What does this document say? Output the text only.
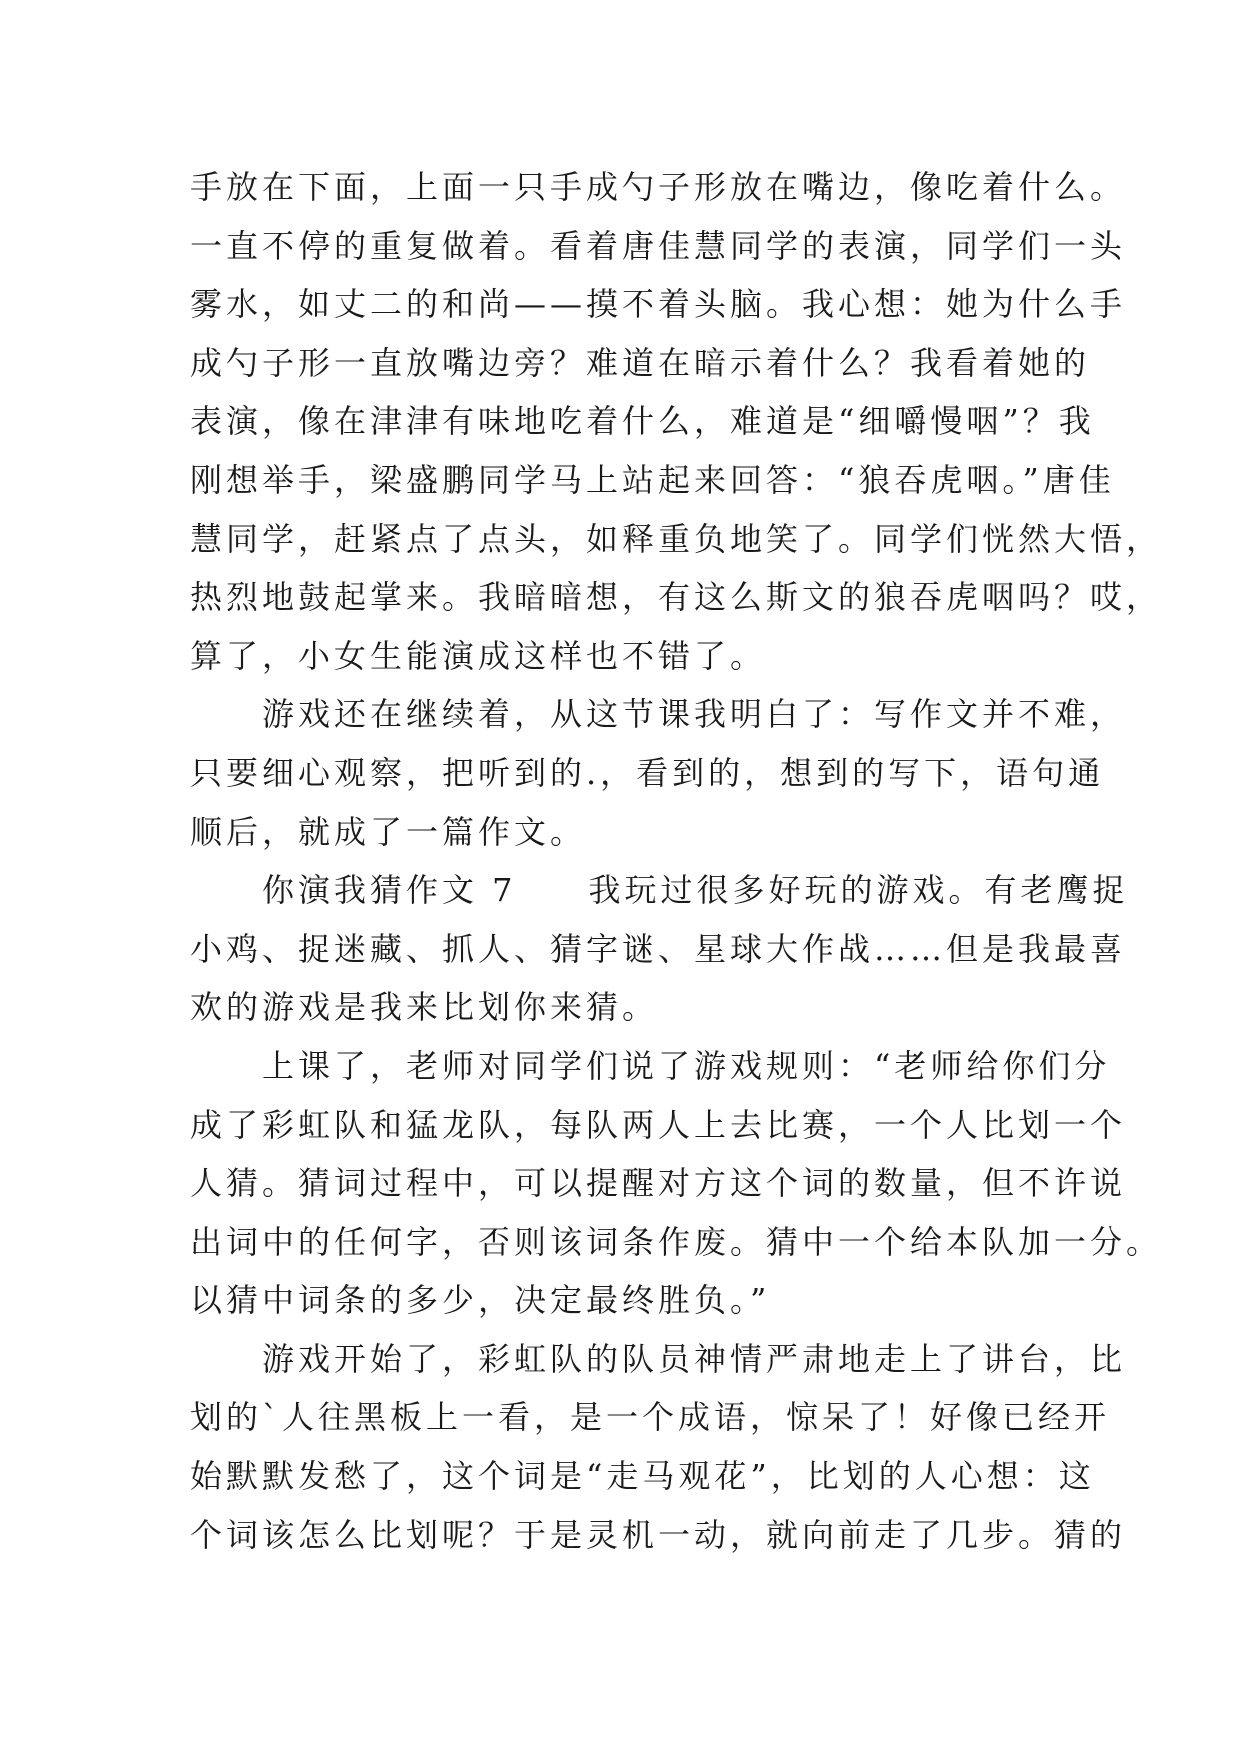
手放在下面，上面一只手成勺子形放在嘴边，像吃着什么。
一直不停的重复做着。看着唐佳慧同学的表演，同学们一头
雾水，如丈二的和尚——摸不着头脑。我心想：她为什么手
成勺子形一直放嘴边旁？难道在暗示着什么？我看着她的
表演，像在津津有味地吃着什么，难道是“细嚼慢咽”？我
刚想举手，梁盛鹏同学马上站起来回答：“狼吞虎咽。”唐佳
慧同学，赶紧点了点头，如释重负地笑了。同学们恍然大悟，
热烈地鼓起掌来。我暗暗想，有这么斯文的狼吞虎咽吗？哎，
算了，小女生能演成这样也不错了。
游戏还在继续着，从这节课我明白了：写作文并不难，
只要细心观察，把听到的.，看到的，想到的写下，语句通
顺后，就成了一篇作文。
你演我猜作文 7　　我玩过很多好玩的游戏。有老鹰捉
小鸡、捉迷藏、抓人、猜字谜、星球大作战……但是我最喜
欢的游戏是我来比划你来猜。
上课了，老师对同学们说了游戏规则：“老师给你们分
成了彩虹队和猛龙队，每队两人上去比赛，一个人比划一个
人猜。猜词过程中，可以提醒对方这个词的数量，但不许说
出词中的任何字，否则该词条作废。猜中一个给本队加一分。
以猜中词条的多少，决定最终胜负。”
游戏开始了，彩虹队的队员神情严肃地走上了讲台，比
划的`人往黑板上一看，是一个成语，惊呆了！好像已经开
始默默发愁了，这个词是“走马观花”，比划的人心想：这
个词该怎么比划呢？于是灵机一动，就向前走了几步。猜的
